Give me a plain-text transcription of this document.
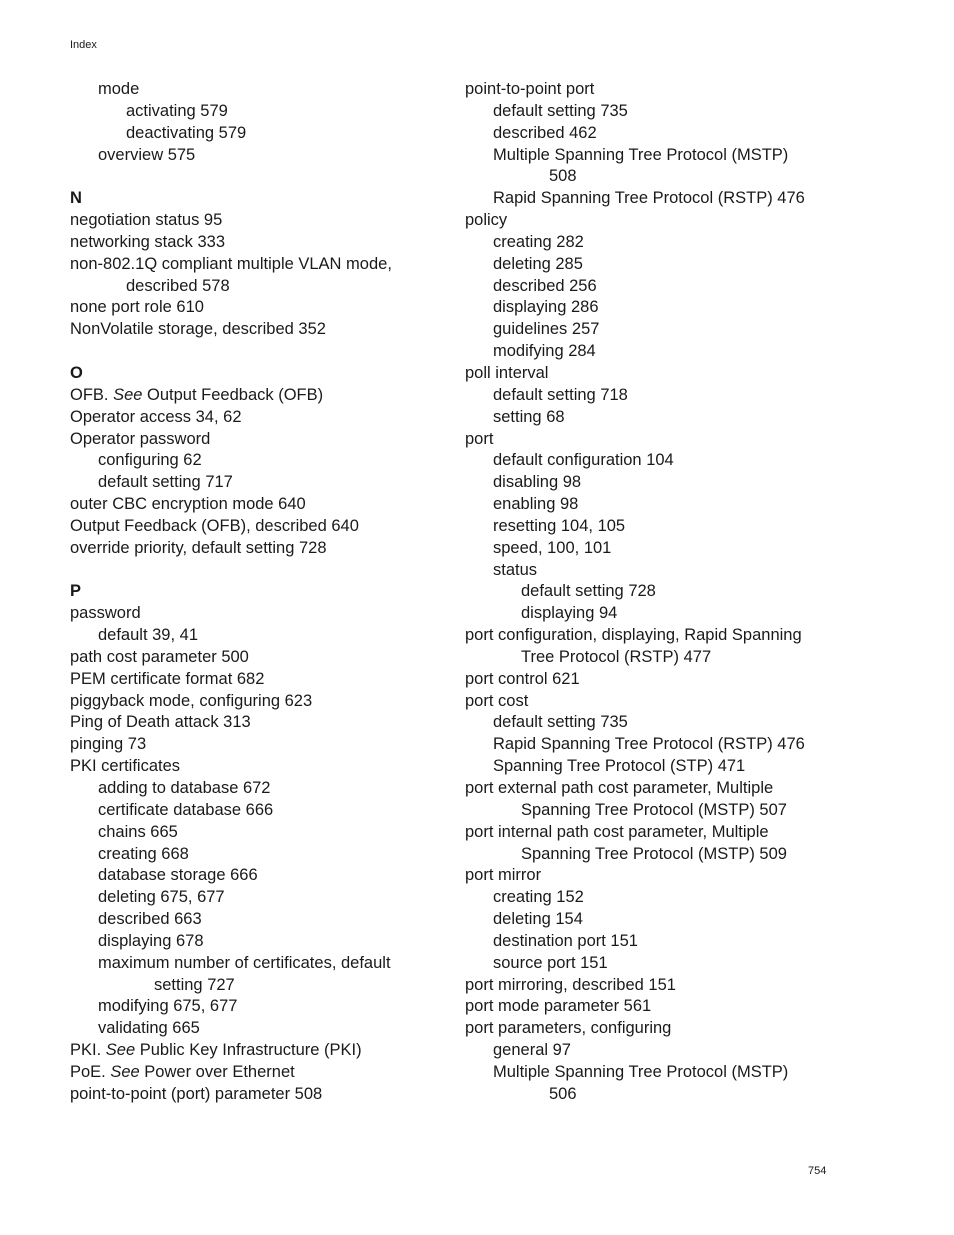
Index
mode
activating 579
deactivating 579
overview 575
N
negotiation status 95
networking stack 333
non-802.1Q compliant multiple VLAN mode,
described 578
none port role 610
NonVolatile storage, described 352
O
OFB. See Output Feedback (OFB)
Operator access 34, 62
Operator password
configuring 62
default setting 717
outer CBC encryption mode 640
Output Feedback (OFB), described 640
override priority, default setting 728
P
password
default 39, 41
path cost parameter 500
PEM certificate format 682
piggyback mode, configuring 623
Ping of Death attack 313
pinging 73
PKI certificates
adding to database 672
certificate database 666
chains 665
creating 668
database storage 666
deleting 675, 677
described 663
displaying 678
maximum number of certificates, default
setting 727
modifying 675, 677
validating 665
PKI. See Public Key Infrastructure (PKI)
PoE. See Power over Ethernet
point-to-point (port) parameter 508
point-to-point port
default setting 735
described 462
Multiple Spanning Tree Protocol (MSTP)
508
Rapid Spanning Tree Protocol (RSTP) 476
policy
creating 282
deleting 285
described 256
displaying 286
guidelines 257
modifying 284
poll interval
default setting 718
setting 68
port
default configuration 104
disabling 98
enabling 98
resetting 104, 105
speed, 100, 101
status
default setting 728
displaying 94
port configuration, displaying, Rapid Spanning
Tree Protocol (RSTP) 477
port control 621
port cost
default setting 735
Rapid Spanning Tree Protocol (RSTP) 476
Spanning Tree Protocol (STP) 471
port external path cost parameter, Multiple
Spanning Tree Protocol (MSTP) 507
port internal path cost parameter, Multiple
Spanning Tree Protocol (MSTP) 509
port mirror
creating 152
deleting 154
destination port 151
source port 151
port mirroring, described 151
port mode parameter 561
port parameters, configuring
general 97
Multiple Spanning Tree Protocol (MSTP)
506
754
